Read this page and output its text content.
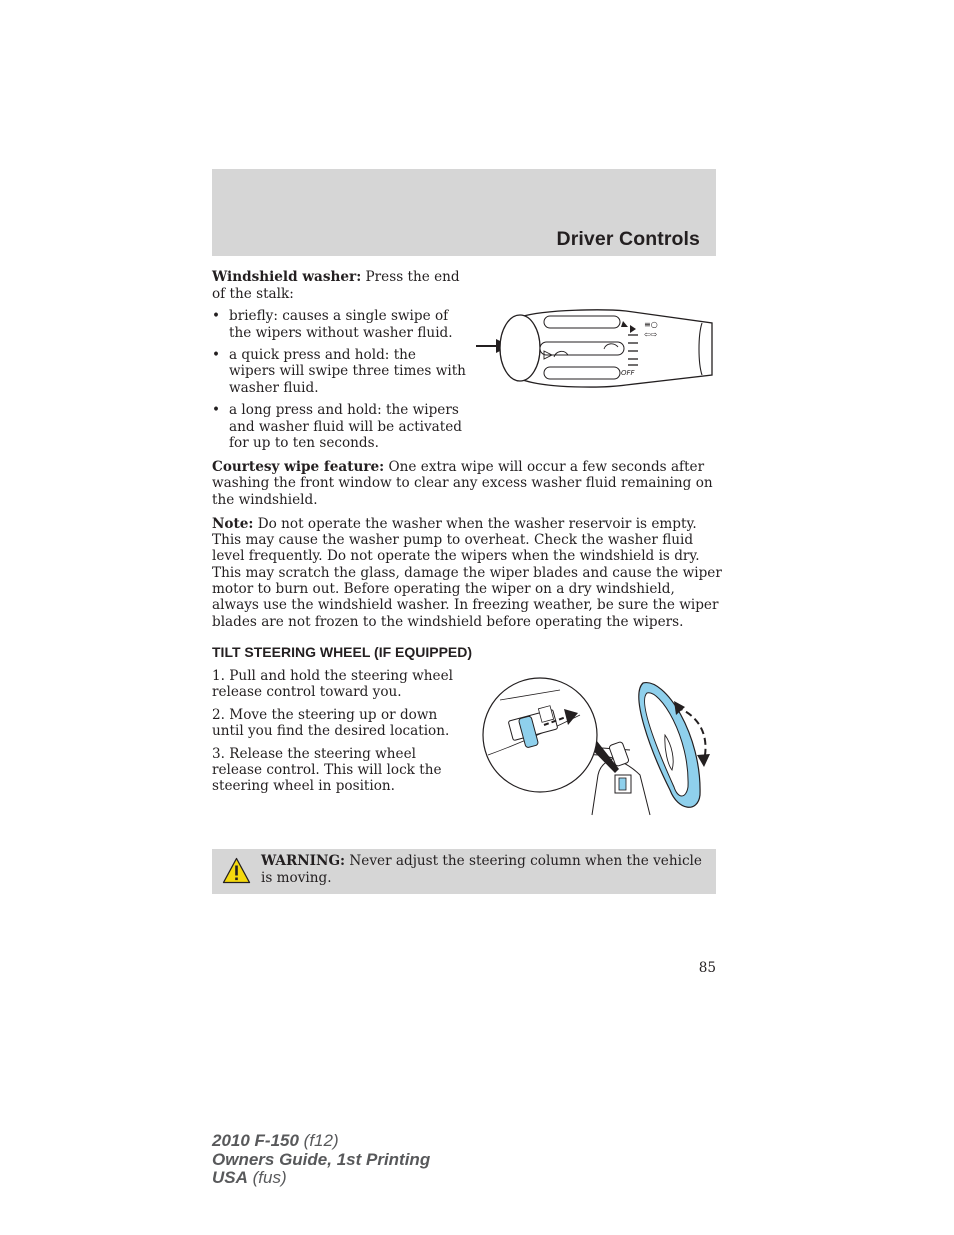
Driver Controls

Windshield washer: Press the end

of the stalk:

• briefly: causes a single swipe of

the wipers without washer fluid.

• a quick press and hold: the

wipers will swipe three times with

washer fluid.

• a long press and hold: the wipers

and washer fluid will be activated

for up to ten seconds.

≡○
⇦⇨
OFF

Courtesy wipe feature: One extra wipe will occur a few seconds after

washing the front window to clear any excess washer fluid remaining on

the windshield.

Note: Do not operate the washer when the washer reservoir is empty.

This may cause the washer pump to overheat. Check the washer fluid

level frequently. Do not operate the wipers when the windshield is dry.

This may scratch the glass, damage the wiper blades and cause the wiper

motor to burn out. Before operating the wiper on a dry windshield,

always use the windshield washer. In freezing weather, be sure the wiper

blades are not frozen to the windshield before operating the wipers.

TILT STEERING WHEEL (IF EQUIPPED)

1. Pull and hold the steering wheel

release control toward you.

2. Move the steering up or down

until you find the desired location.

3. Release the steering wheel

release control. This will lock the

steering wheel in position.

WARNING: Never adjust the steering column when the vehicle

is moving.

85
2010 F-150 (f12)
Owners Guide, 1st Printing
USA (fus)
